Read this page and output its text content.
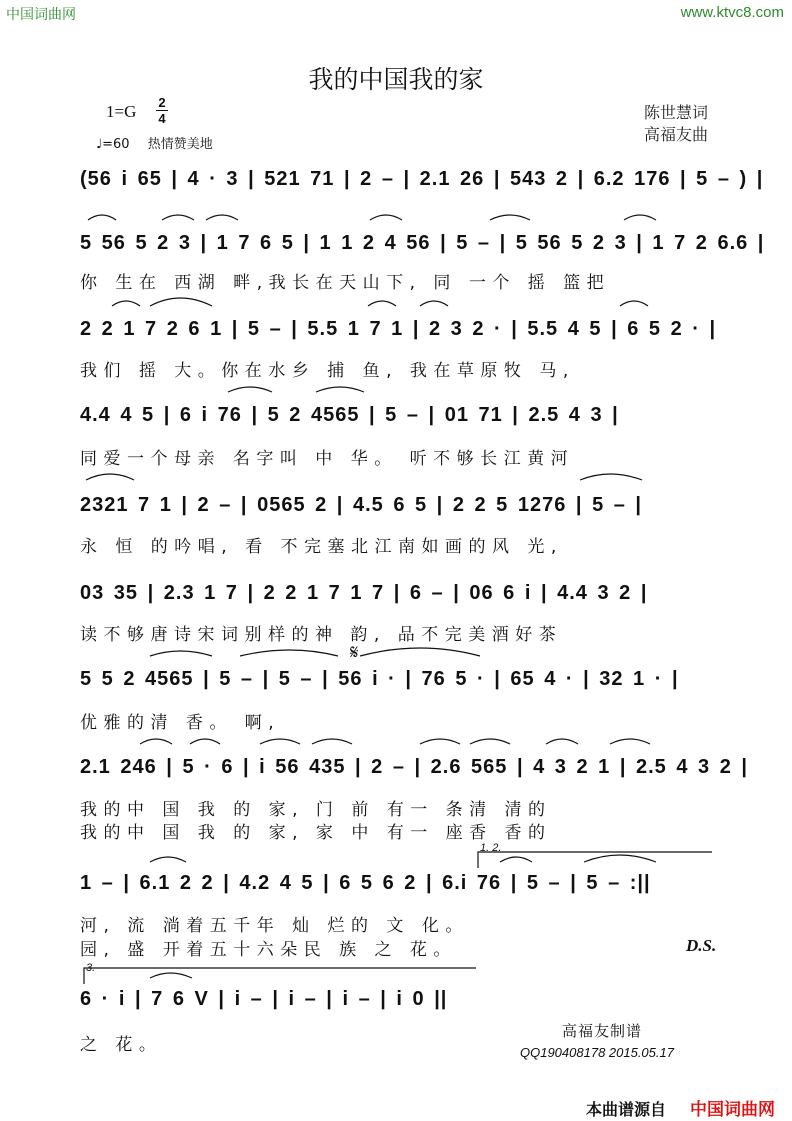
中国词曲网	www.ktvc8.com
我的中国我的家
1=G 2
4
♩=60 热情赞美地
陈世慧词
高福友曲
(56 i 65 | 4 · 3 | 521 71 | 2 – | 2.1 26 | 543 2 | 6.2 176 | 5 – ) |
5 56 5 2 3 | 1 7 6 5 | 1 1 2 4 56 | 5 – | 5 56 5 2 3 | 1 7 2 6.6 |
你 生在 西湖 畔,我长在天山下, 同 一个 摇 篮把
2 2 1 7 2 6 1 | 5 – | 5.5 1 7 1 | 2 3 2 · | 5.5 4 5 | 6 5 2 · |
我们 摇 大。你在水乡 捕 鱼, 我在草原牧 马,
4.4 4 5 | 6 i 76 | 5 2 4565 | 5 – | 01 71 | 2.5 4 3 |
同爱一个母亲 名字叫 中 华。 听不够长江黄河
2321 7 1 | 2 – | 0565 2 | 4.5 6 5 | 2 2 5 1276 | 5 – |
永 恒 的吟唱, 看 不完塞北江南如画的风 光,
03 35 | 2.3 1 7 | 2 2 1 7 1 7 | 6 – | 06 6 i | 4.4 3 2 |
读不够唐诗宋词别样的神 韵, 品不完美酒好茶
𝄋
5 5 2 4565 | 5 – | 5 – | 56 i · | 76 5 · | 65 4 · | 32 1 · |
优雅的清 香。 啊,
2.1 246 | 5 · 6 | i 56 435 | 2 – | 2.6 565 | 4 3 2 1 | 2.5 4 3 2 |
我的中 国 我 的 家, 门 前 有一 条清 清的
我的中 国 我 的 家, 家 中 有一 座香 香的
1. 2.
1 – | 6.1 2 2 | 4.2 4 5 | 6 5 6 2 | 6.i 76 | 5 – | 5 – :||
河, 流 淌着五千年 灿 烂的 文 化。
园, 盛 开着五十六朵民 族 之 花。	D.S.
3.
6 · i | 7 6 V | i – | i – | i – | i 0 ||
之 花。
高福友制谱
QQ190408178 2015.05.17
本曲谱源自 中国词曲网
